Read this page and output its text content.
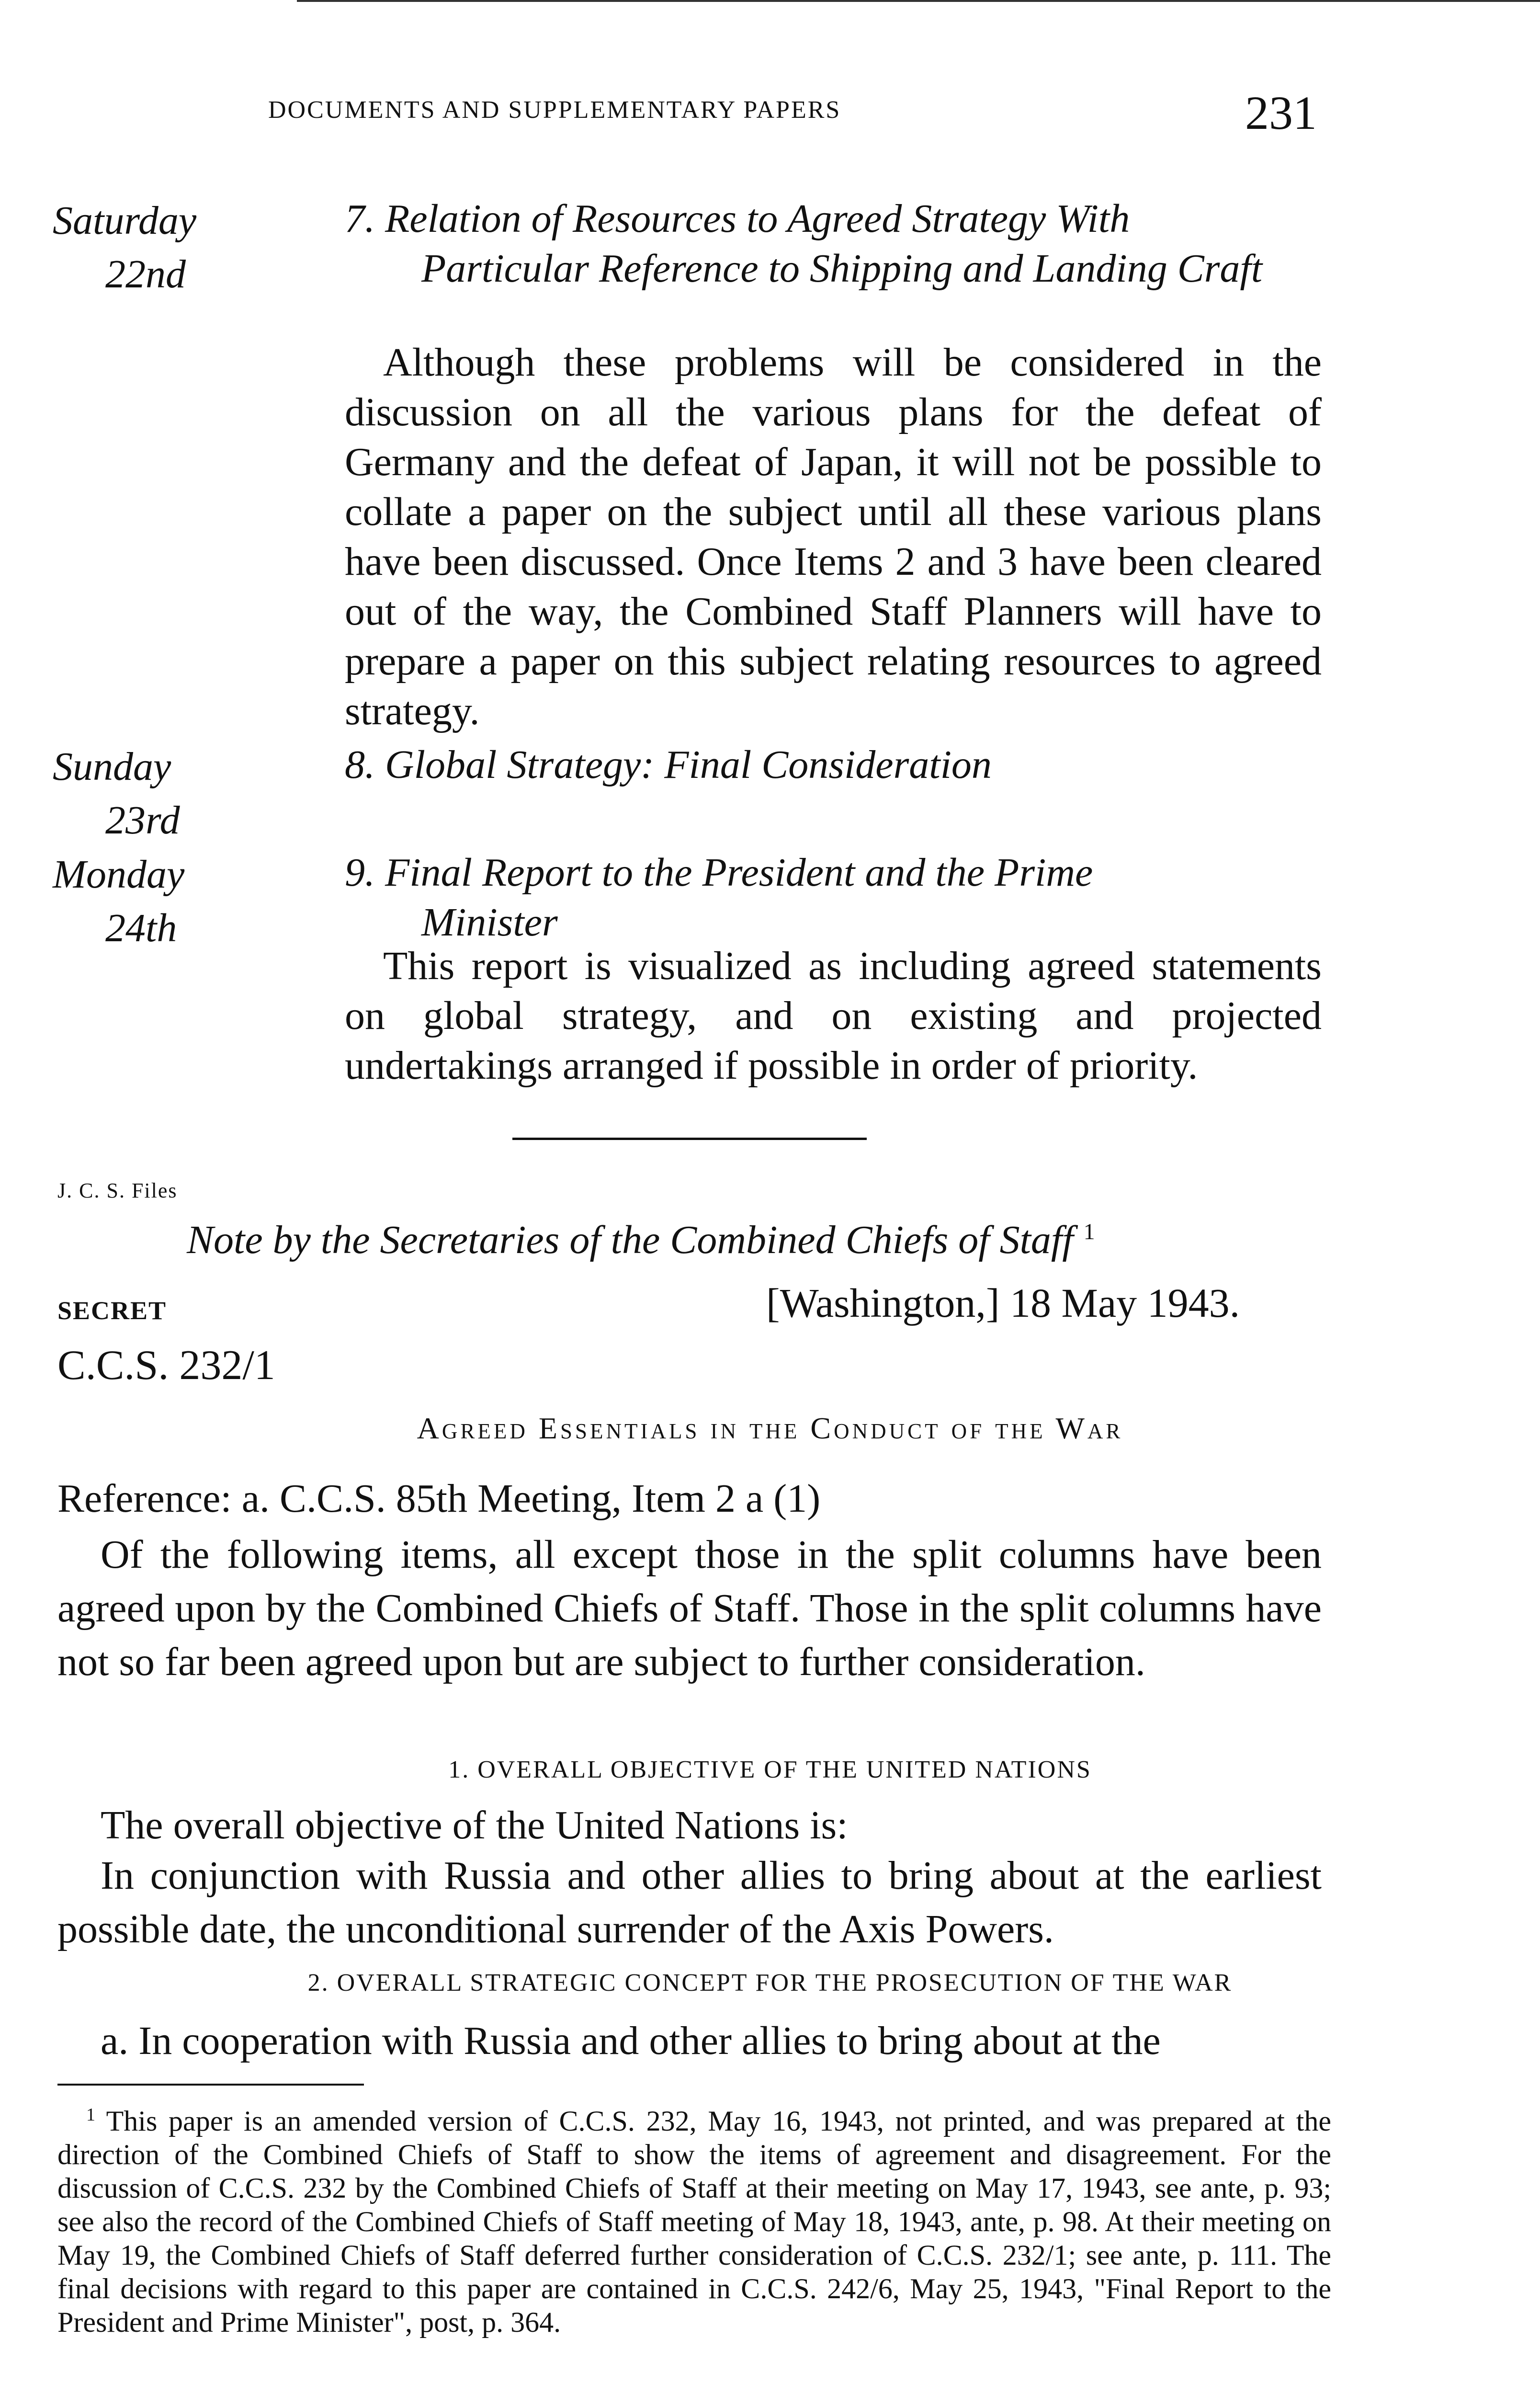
DOCUMENTS AND SUPPLEMENTARY PAPERS	231
Saturday
22nd
7. Relation of Resources to Agreed Strategy With
Particular Reference to Shipping and Landing Craft
Although these problems will be considered in the discussion on all the various plans for the defeat of Germany and the defeat of Japan, it will not be possible to collate a paper on the subject until all these various plans have been discussed. Once Items 2 and 3 have been cleared out of the way, the Combined Staff Planners will have to prepare a paper on this subject relating resources to agreed strategy.
Sunday
23rd
8. Global Strategy: Final Consideration
Monday
24th
9. Final Report to the President and the Prime
Minister
This report is visualized as including agreed statements on global strategy, and on existing and projected undertakings arranged if possible in order of priority.
J. C. S. Files
Note by the Secretaries of the Combined Chiefs of Staff $^1$
SECRET	[Washington,] 18 May 1943.
C.C.S. 232/1
Agreed Essentials in the Conduct of the War
Reference: a. C.C.S. 85th Meeting, Item 2 a (1)
Of the following items, all except those in the split columns have been agreed upon by the Combined Chiefs of Staff. Those in the split columns have not so far been agreed upon but are subject to further consideration.
1. OVERALL OBJECTIVE OF THE UNITED NATIONS
The overall objective of the United Nations is:
In conjunction with Russia and other allies to bring about at the earliest possible date, the unconditional surrender of the Axis Powers.
2. OVERALL STRATEGIC CONCEPT FOR THE PROSECUTION OF THE WAR
a. In cooperation with Russia and other allies to bring about at the
$^1$ This paper is an amended version of C.C.S. 232, May 16, 1943, not printed, and was prepared at the direction of the Combined Chiefs of Staff to show the items of agreement and disagreement. For the discussion of C.C.S. 232 by the Combined Chiefs of Staff at their meeting on May 17, 1943, see ante, p. 93; see also the record of the Combined Chiefs of Staff meeting of May 18, 1943, ante, p. 98. At their meeting on May 19, the Combined Chiefs of Staff deferred further consideration of C.C.S. 232/1; see ante, p. 111. The final decisions with regard to this paper are contained in C.C.S. 242/6, May 25, 1943, "Final Report to the President and Prime Minister", post, p. 364.
